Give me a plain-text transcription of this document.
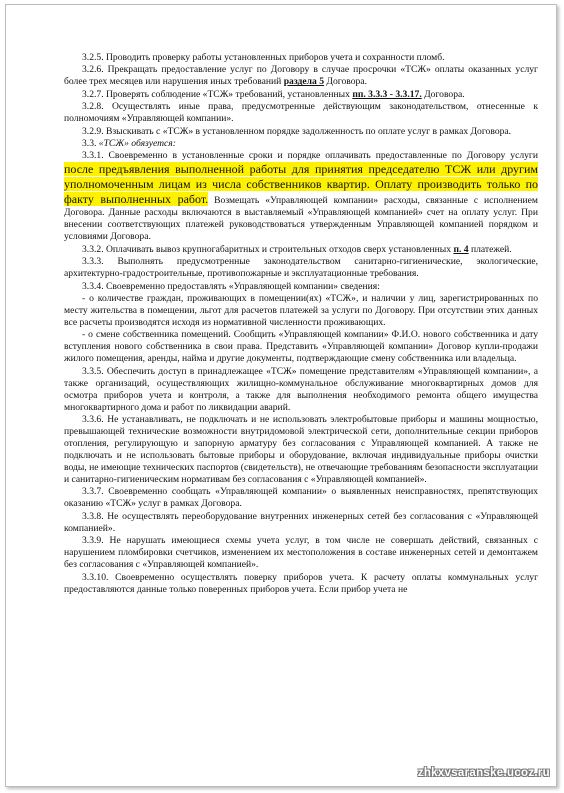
3.2.5. Проводить проверку работы установленных приборов учета и сохранности пломб.

3.2.6. Прекращать предоставление услуг по Договору в случае просрочки «ТСЖ» оплаты оказанных услуг более трех месяцев или нарушения иных требований раздела 5 Договора.

3.2.7. Проверять соблюдение «ТСЖ» требований, установленных пп. 3.3.3 - 3.3.17. Договора.

3.2.8. Осуществлять иные права, предусмотренные действующим законодательством, отнесенные к полномочиям «Управляющей компании».

3.2.9. Взыскивать с «ТСЖ» в установленном порядке задолженность по оплате услуг в рамках Договора.

3.3. «ТСЖ» обязуется:

3.3.1. Своевременно в установленные сроки и порядке оплачивать предоставленные по Договору услуги после предъявления выполненной работы для принятия председателю ТСЖ или другим уполномоченным лицам из числа собственников квартир. Оплату производить только по факту выполненных работ. Возмещать «Управляющей компании» расходы, связанные с исполнением Договора. Данные расходы включаются в выставляемый «Управляющей компанией» счет на оплату услуг. При внесении соответствующих платежей руководствоваться утвержденным Управляющей компанией порядком и условиями Договора.

3.3.2. Оплачивать вывоз крупногабаритных и строительных отходов сверх установленных п. 4 платежей.

3.3.3. Выполнять предусмотренные законодательством санитарно-гигиенические, экологические, архитектурно-градостроительные, противопожарные и эксплуатационные требования.

3.3.4. Своевременно предоставлять «Управляющей компании» сведения:

- о количестве граждан, проживающих в помещении(ях) «ТСЖ», и наличии у лиц, зарегистрированных по месту жительства в помещении, льгот для расчетов платежей за услуги по Договору. При отсутствии этих данных все расчеты производятся исходя из нормативной численности проживающих.

- о смене собственника помещений. Сообщить «Управляющей компании» Ф.И.О. нового собственника и дату вступления нового собственника в свои права. Представить «Управляющей компании» Договор купли-продажи жилого помещения, аренды, найма и другие документы, подтверждающие смену собственника или владельца.

3.3.5. Обеспечить доступ в принадлежащее «ТСЖ» помещение представителям «Управляющей компании», а также организаций, осуществляющих жилищно-коммунальное обслуживание многоквартирных домов для осмотра приборов учета и контроля, а также для выполнения необходимого ремонта общего имущества многоквартирного дома и работ по ликвидации аварий.

3.3.6. Не устанавливать, не подключать и не использовать электробытовые приборы и машины мощностью, превышающей технические возможности внутридомовой электрической сети, дополнительные секции приборов отопления, регулирующую и запорную арматуру без согласования с Управляющей компанией. А также не подключать и не использовать бытовые приборы и оборудование, включая индивидуальные приборы очистки воды, не имеющие технических паспортов (свидетельств), не отвечающие требованиям безопасности эксплуатации и санитарно-гигиеническим нормативам без согласования с «Управляющей компанией».

3.3.7. Своевременно сообщать «Управляющей компании» о выявленных неисправностях, препятствующих оказанию «ТСЖ» услуг в рамках Договора.

3.3.8. Не осуществлять переоборудование внутренних инженерных сетей без согласования с «Управляющей компанией».

3.3.9. Не нарушать имеющиеся схемы учета услуг, в том числе не совершать действий, связанных с нарушением пломбировки счетчиков, изменением их местоположения в составе инженерных сетей и демонтажем без согласования с «Управляющей компанией».

3.3.10. Своевременно осуществлять поверку приборов учета. К расчету оплаты коммунальных услуг предоставляются данные только поверенных приборов учета. Если прибор учета не

zhkxvsaranske.ucoz.ru
